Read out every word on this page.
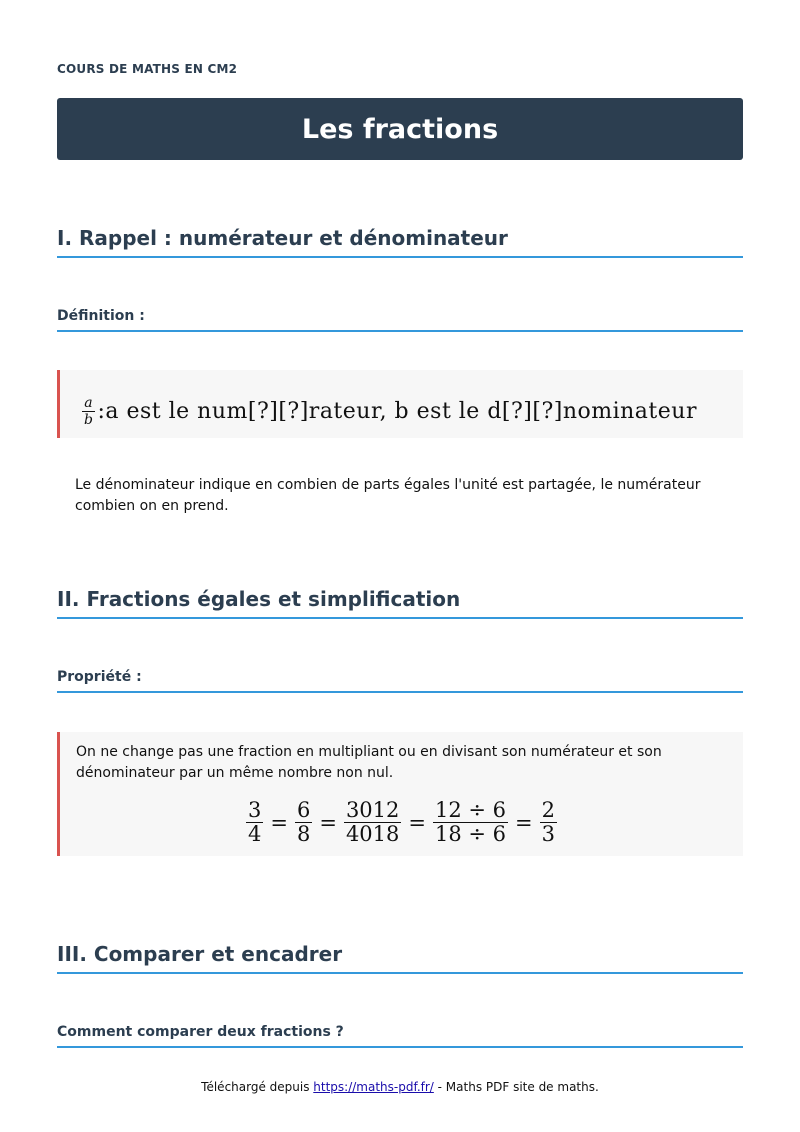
COURS DE MATHS EN CM2
Les fractions
I. Rappel : numérateur et dénominateur
Définition :
$\frac{a}{b}$ :a est le num[?][?]rateur, b est le d[?][?]nominateur
Le dénominateur indique en combien de parts égales l'unité est partagée, le numérateur combien on en prend.
II. Fractions égales et simplification
Propriété :
On ne change pas une fraction en multipliant ou en divisant son numérateur et son dénominateur par un même nombre non nul.
$\frac{3}{4} = \frac{6}{8} = \frac{3012}{4018} = \frac{12 \div 6}{18 \div 6} = \frac{2}{3}$
III. Comparer et encadrer
Comment comparer deux fractions ?
Téléchargé depuis https://maths-pdf.fr/ - Maths PDF site de maths.
